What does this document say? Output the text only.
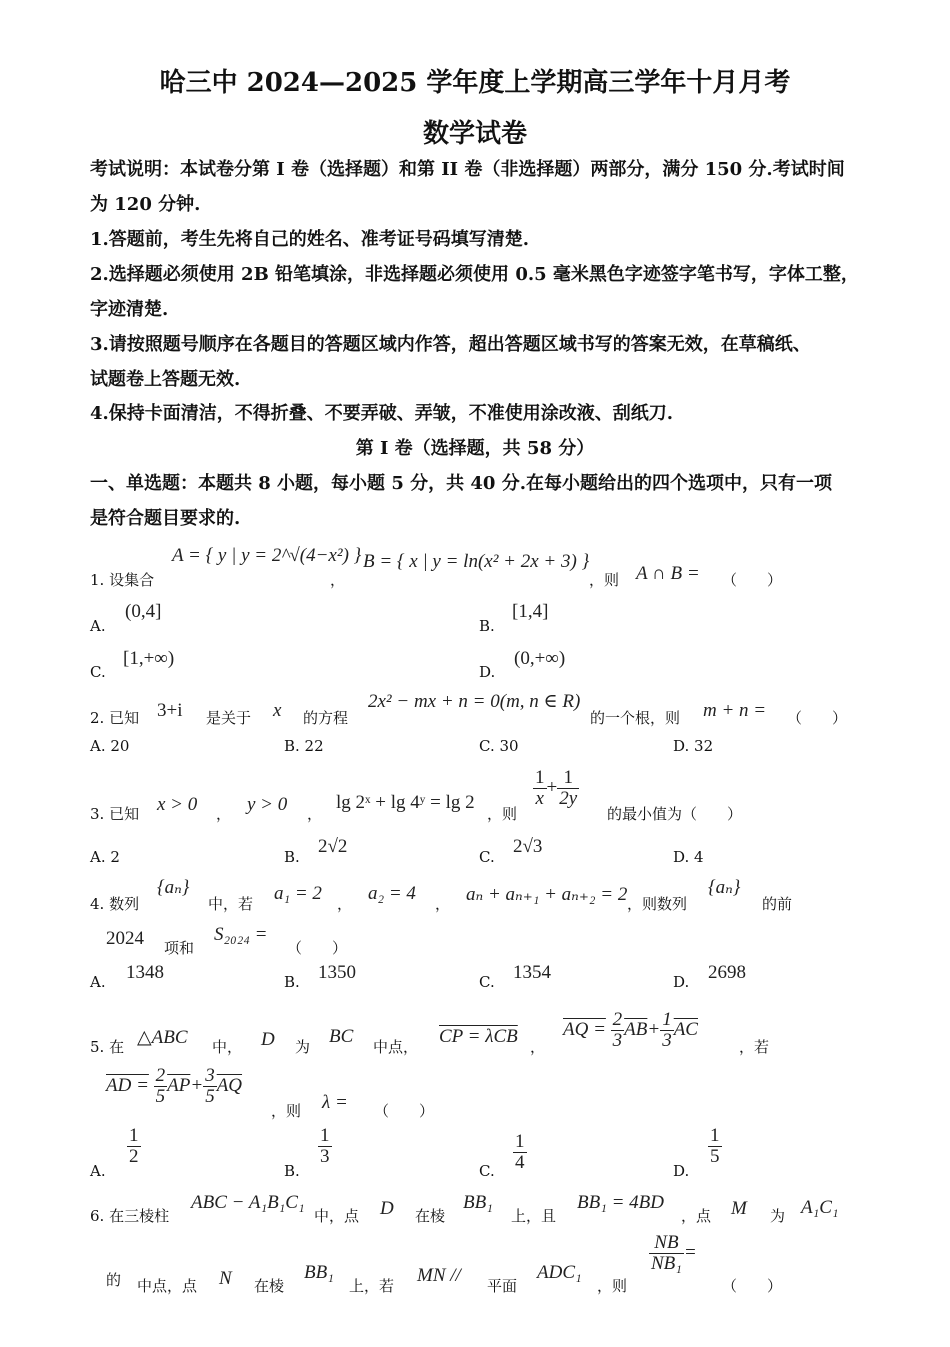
哈三中 2024—2025 学年度上学期高三学年十月月考
数学试卷
考试说明：本试卷分第 I 卷（选择题）和第 II 卷（非选择题）两部分，满分 150 分.考试时间
为 120 分钟.
1.答题前，考生先将自己的姓名、准考证号码填写清楚.
2.选择题必须使用 2B 铅笔填涂，非选择题必须使用 0.5 毫米黑色字迹签字笔书写，字体工整，
字迹清楚.
3.请按照题号顺序在各题目的答题区域内作答，超出答题区域书写的答案无效，在草稿纸、
试题卷上答题无效.
4.保持卡面清洁，不得折叠、不要弄破、弄皱，不准使用涂改液、刮纸刀.
第 I 卷（选择题，共 58 分）
一、单选题：本题共 8 小题，每小题 5 分，共 40 分.在每小题给出的四个选项中，只有一项
是符合题目要求的.
1. 设集合
A = { y | y = 2^√(4−x²) }
，
B = { x | y = ln(x² + 2x + 3) }
，则 A ∩ B = （　　）
A.
(0,4]
B.
[1,4]
C.
[1,+∞)
D.
(0,+∞)
2. 已知 3+i 是关于 x 的方程
2x² − mx + n = 0(m, n ∈ R)
的一个根，则 m + n = （　　）
A. 20	B. 22	C. 30	D. 32
3. 已知 x > 0 ， y > 0 ，
lg 2ˣ + lg 4ʸ = lg 2
，则
$\frac{1}{x} + \frac{1}{2y}$
的最小值为（　　）
A. 2	B. 2√2	C. 2√3	D. 4
4. 数列
{aₙ}
中，若 a₁ = 2 ， a₂ = 4 ， aₙ + aₙ₊₁ + aₙ₊₂ = 2 ，则数列
{aₙ}
的前
2024 项和
S₂₀₂₄ =
（　　）
A. 1348	B. 1350	C. 1354	D. 2698
5. 在 △ABC 中， D 为 BC 中点， CP = λCB ，
AQ = $\frac{2}{3} \overline{AB}+ \frac{1}{3} \overline{AC}$
，若
AD = $\frac{2}{5} \overline{AP}+ \frac{3}{5} \overline{AQ}$
，则 λ = （　　）
A.
$\frac{1}{2}$
B.
$\frac{1}{3}$
C. $\frac{1}{4}$	D.
$\frac{1}{5}$
6. 在三棱柱
ABC − A₁B₁C₁
中，点 D 在棱
BB₁
上，且
BB₁ = 4BD
，点 M 为 A₁C₁
的 中点，点 N 在棱
BB₁
上，若 MN // 平面
ADC₁
，则
$\frac{NB}{\text{NB₁}}$ =
（　　）
